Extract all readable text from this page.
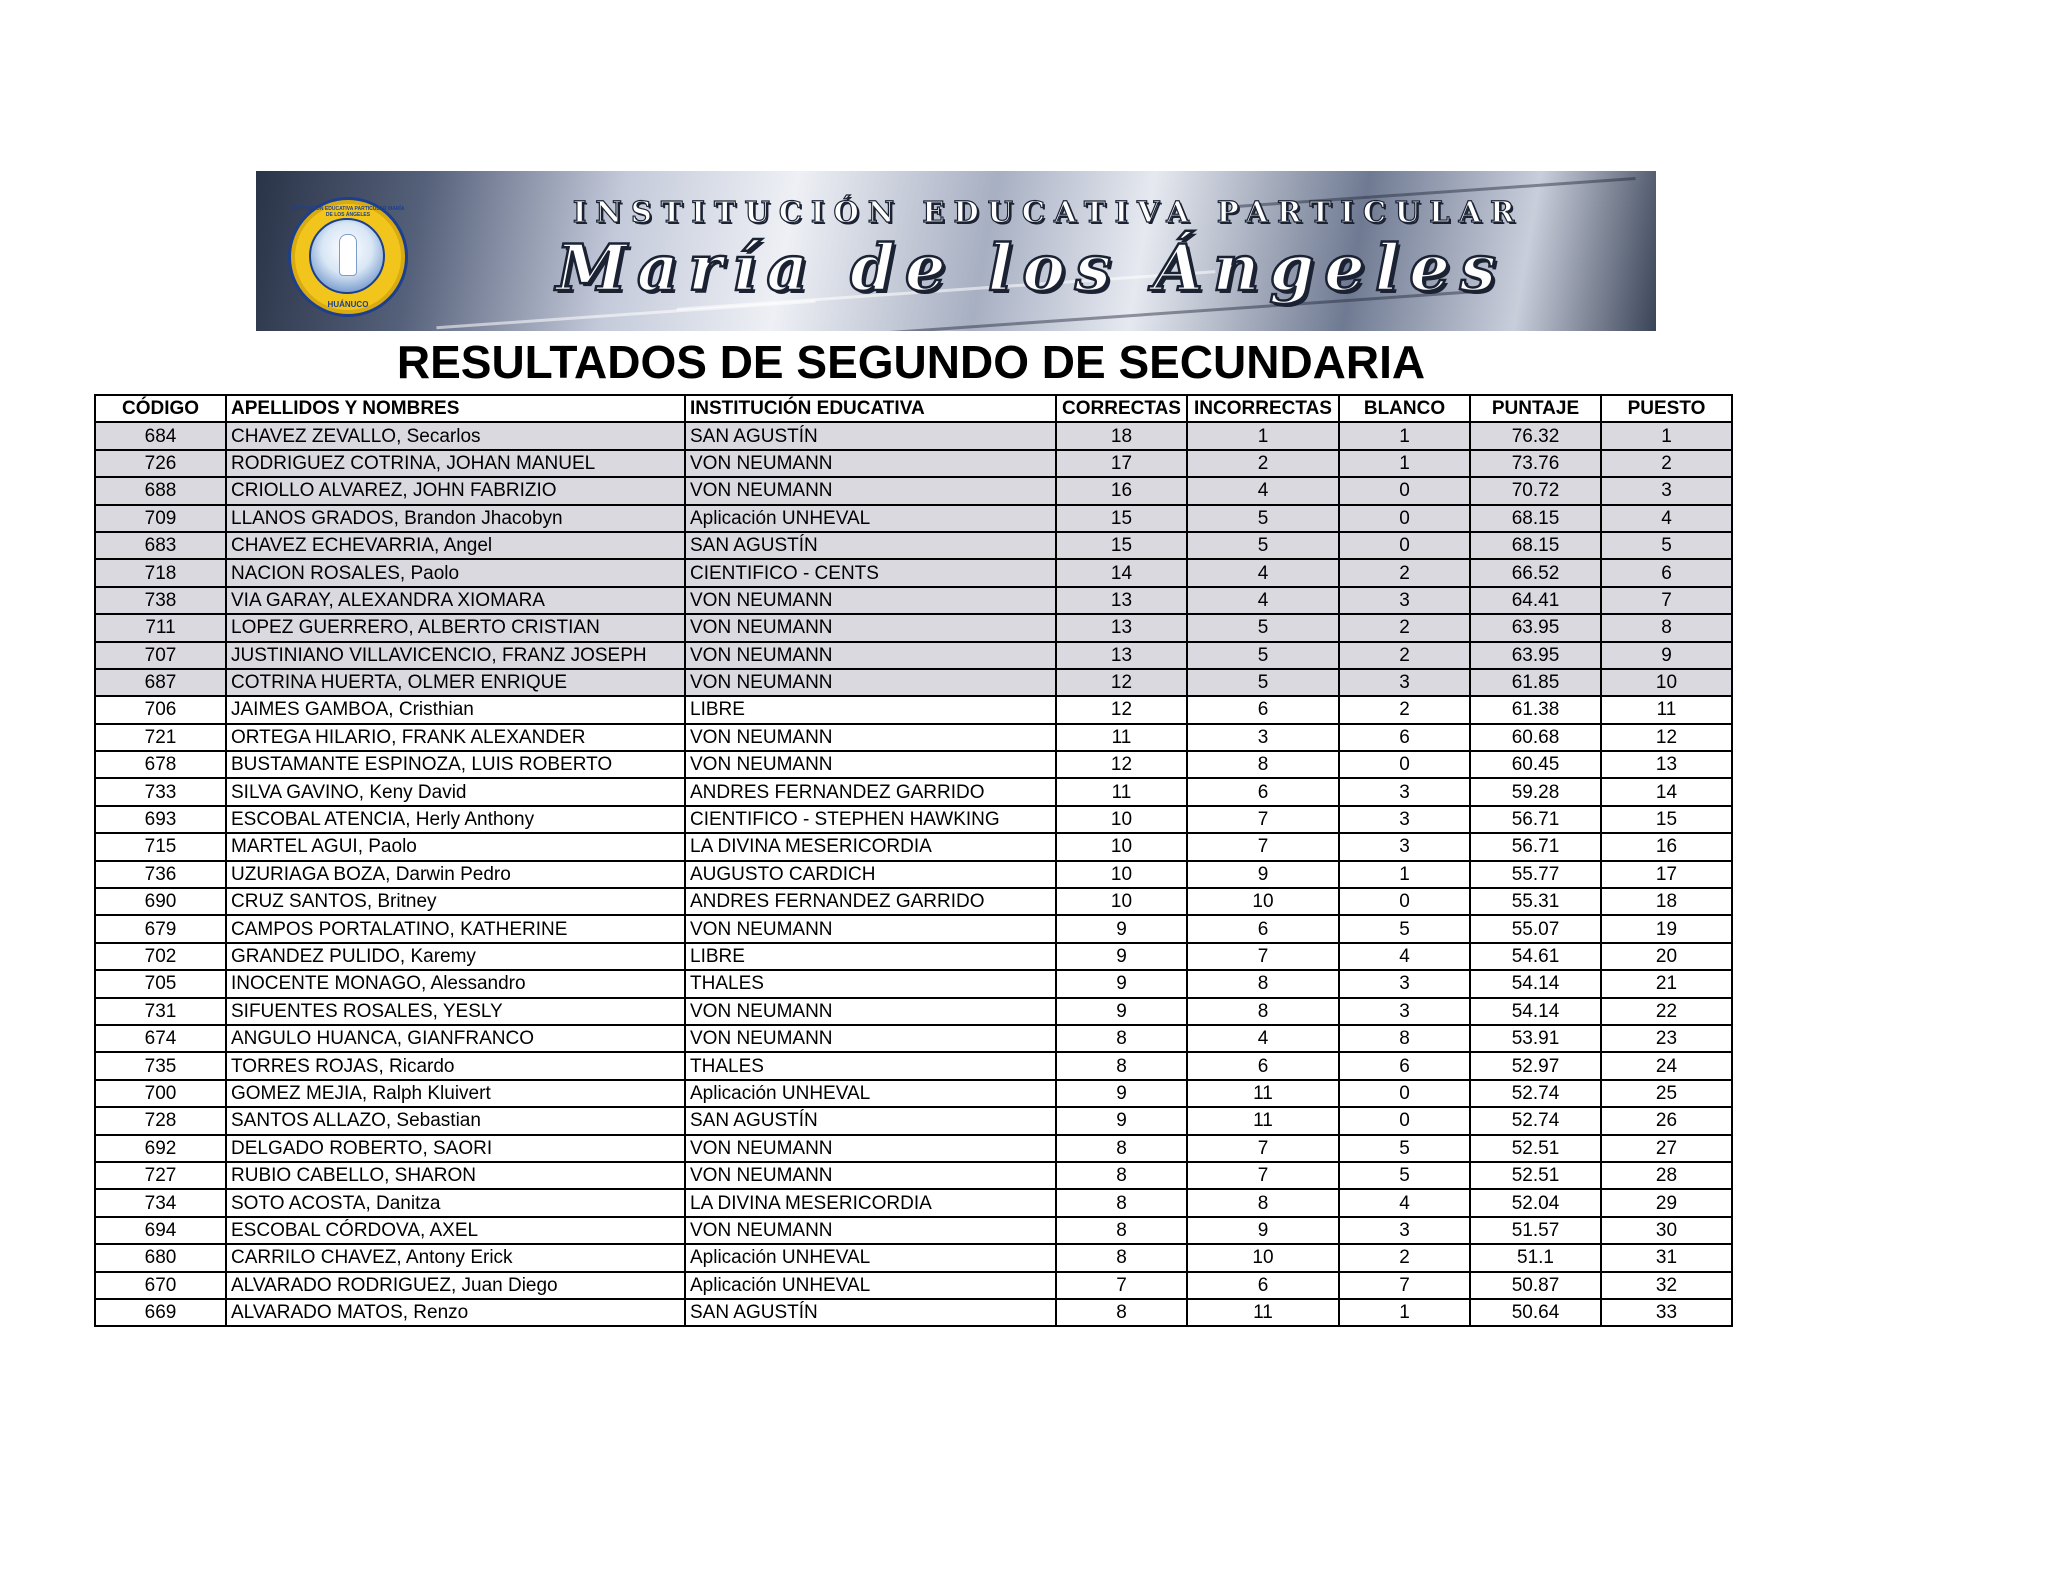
INSTITUCIÓN EDUCATIVA PARTICULAR MARÍA DE LOS ÁNGELES
HUÁNUCO
INSTITUCIÓN EDUCATIVA PARTICULAR
María de los Ángeles
RESULTADOS DE SEGUNDO DE SECUNDARIA
CÓDIGO	APELLIDOS Y NOMBRES	INSTITUCIÓN EDUCATIVA	CORRECTAS	INCORRECTAS	BLANCO	PUNTAJE	PUESTO
684	CHAVEZ ZEVALLO, Secarlos	SAN AGUSTÍN	18	1	1	76.32	1
726	RODRIGUEZ COTRINA, JOHAN MANUEL	VON NEUMANN	17	2	1	73.76	2
688	CRIOLLO ALVAREZ, JOHN FABRIZIO	VON NEUMANN	16	4	0	70.72	3
709	LLANOS GRADOS, Brandon Jhacobyn	Aplicación UNHEVAL	15	5	0	68.15	4
683	CHAVEZ ECHEVARRIA, Angel	SAN AGUSTÍN	15	5	0	68.15	5
718	NACION ROSALES, Paolo	CIENTIFICO - CENTS	14	4	2	66.52	6
738	VIA GARAY, ALEXANDRA XIOMARA	VON NEUMANN	13	4	3	64.41	7
711	LOPEZ GUERRERO, ALBERTO CRISTIAN	VON NEUMANN	13	5	2	63.95	8
707	JUSTINIANO VILLAVICENCIO, FRANZ JOSEPH	VON NEUMANN	13	5	2	63.95	9
687	COTRINA HUERTA, OLMER ENRIQUE	VON NEUMANN	12	5	3	61.85	10
706	JAIMES GAMBOA, Cristhian	LIBRE	12	6	2	61.38	11
721	ORTEGA HILARIO, FRANK ALEXANDER	VON NEUMANN	11	3	6	60.68	12
678	BUSTAMANTE ESPINOZA, LUIS ROBERTO	VON NEUMANN	12	8	0	60.45	13
733	SILVA GAVINO, Keny David	ANDRES FERNANDEZ GARRIDO	11	6	3	59.28	14
693	ESCOBAL ATENCIA, Herly Anthony	CIENTIFICO - STEPHEN HAWKING	10	7	3	56.71	15
715	MARTEL AGUI, Paolo	LA DIVINA MESERICORDIA	10	7	3	56.71	16
736	UZURIAGA BOZA, Darwin Pedro	AUGUSTO CARDICH	10	9	1	55.77	17
690	CRUZ SANTOS, Britney	ANDRES FERNANDEZ GARRIDO	10	10	0	55.31	18
679	CAMPOS PORTALATINO, KATHERINE	VON NEUMANN	9	6	5	55.07	19
702	GRANDEZ PULIDO, Karemy	LIBRE	9	7	4	54.61	20
705	INOCENTE MONAGO, Alessandro	THALES	9	8	3	54.14	21
731	SIFUENTES ROSALES, YESLY	VON NEUMANN	9	8	3	54.14	22
674	ANGULO HUANCA, GIANFRANCO	VON NEUMANN	8	4	8	53.91	23
735	TORRES ROJAS, Ricardo	THALES	8	6	6	52.97	24
700	GOMEZ MEJIA, Ralph Kluivert	Aplicación UNHEVAL	9	11	0	52.74	25
728	SANTOS ALLAZO, Sebastian	SAN AGUSTÍN	9	11	0	52.74	26
692	DELGADO ROBERTO, SAORI	VON NEUMANN	8	7	5	52.51	27
727	RUBIO CABELLO, SHARON	VON NEUMANN	8	7	5	52.51	28
734	SOTO ACOSTA, Danitza	LA DIVINA MESERICORDIA	8	8	4	52.04	29
694	ESCOBAL CÓRDOVA, AXEL	VON NEUMANN	8	9	3	51.57	30
680	CARRILO CHAVEZ, Antony Erick	Aplicación UNHEVAL	8	10	2	51.1	31
670	ALVARADO RODRIGUEZ, Juan Diego	Aplicación UNHEVAL	7	6	7	50.87	32
669	ALVARADO MATOS, Renzo	SAN AGUSTÍN	8	11	1	50.64	33
